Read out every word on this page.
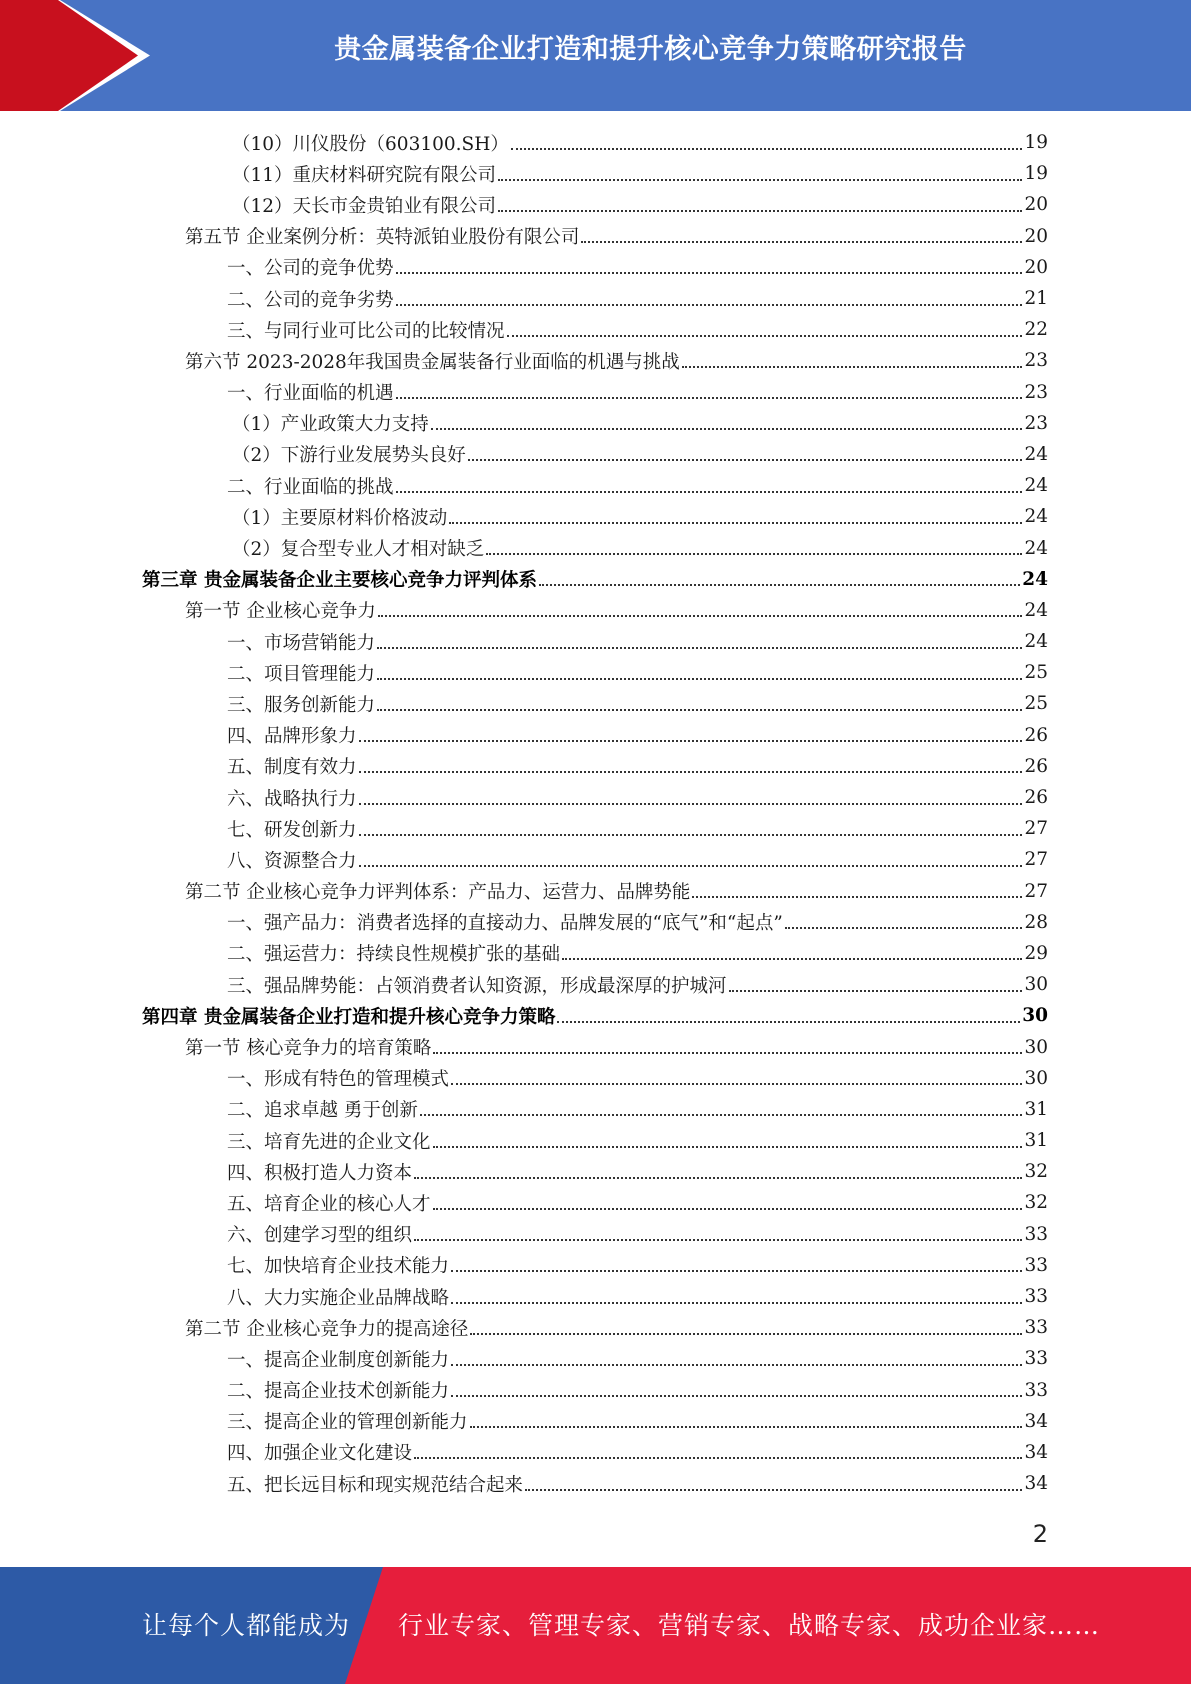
贵金属装备企业打造和提升核心竞争力策略研究报告
（10）川仪股份（603100.SH）	19
（11）重庆材料研究院有限公司	19
（12）天长市金贵铂业有限公司	20
第五节 企业案例分析：英特派铂业股份有限公司	20
一、公司的竞争优势	20
二、公司的竞争劣势	21
三、与同行业可比公司的比较情况	22
第六节 2023-2028年我国贵金属装备行业面临的机遇与挑战	23
一、行业面临的机遇	23
（1）产业政策大力支持	23
（2）下游行业发展势头良好	24
二、行业面临的挑战	24
（1）主要原材料价格波动	24
（2）复合型专业人才相对缺乏	24
第三章 贵金属装备企业主要核心竞争力评判体系	24
第一节 企业核心竞争力	24
一、市场营销能力	24
二、项目管理能力	25
三、服务创新能力	25
四、品牌形象力	26
五、制度有效力	26
六、战略执行力	26
七、研发创新力	27
八、资源整合力	27
第二节 企业核心竞争力评判体系：产品力、运营力、品牌势能	27
一、强产品力：消费者选择的直接动力、品牌发展的“底气”和“起点”	28
二、强运营力：持续良性规模扩张的基础	29
三、强品牌势能：占领消费者认知资源，形成最深厚的护城河	30
第四章 贵金属装备企业打造和提升核心竞争力策略	30
第一节 核心竞争力的培育策略	30
一、形成有特色的管理模式	30
二、追求卓越 勇于创新	31
三、培育先进的企业文化	31
四、积极打造人力资本	32
五、培育企业的核心人才	32
六、创建学习型的组织	33
七、加快培育企业技术能力	33
八、大力实施企业品牌战略	33
第二节 企业核心竞争力的提高途径	33
一、提高企业制度创新能力	33
二、提高企业技术创新能力	33
三、提高企业的管理创新能力	34
四、加强企业文化建设	34
五、把长远目标和现实规范结合起来	34
2
让每个人都能成为 行业专家、管理专家、营销专家、战略专家、成功企业家……
